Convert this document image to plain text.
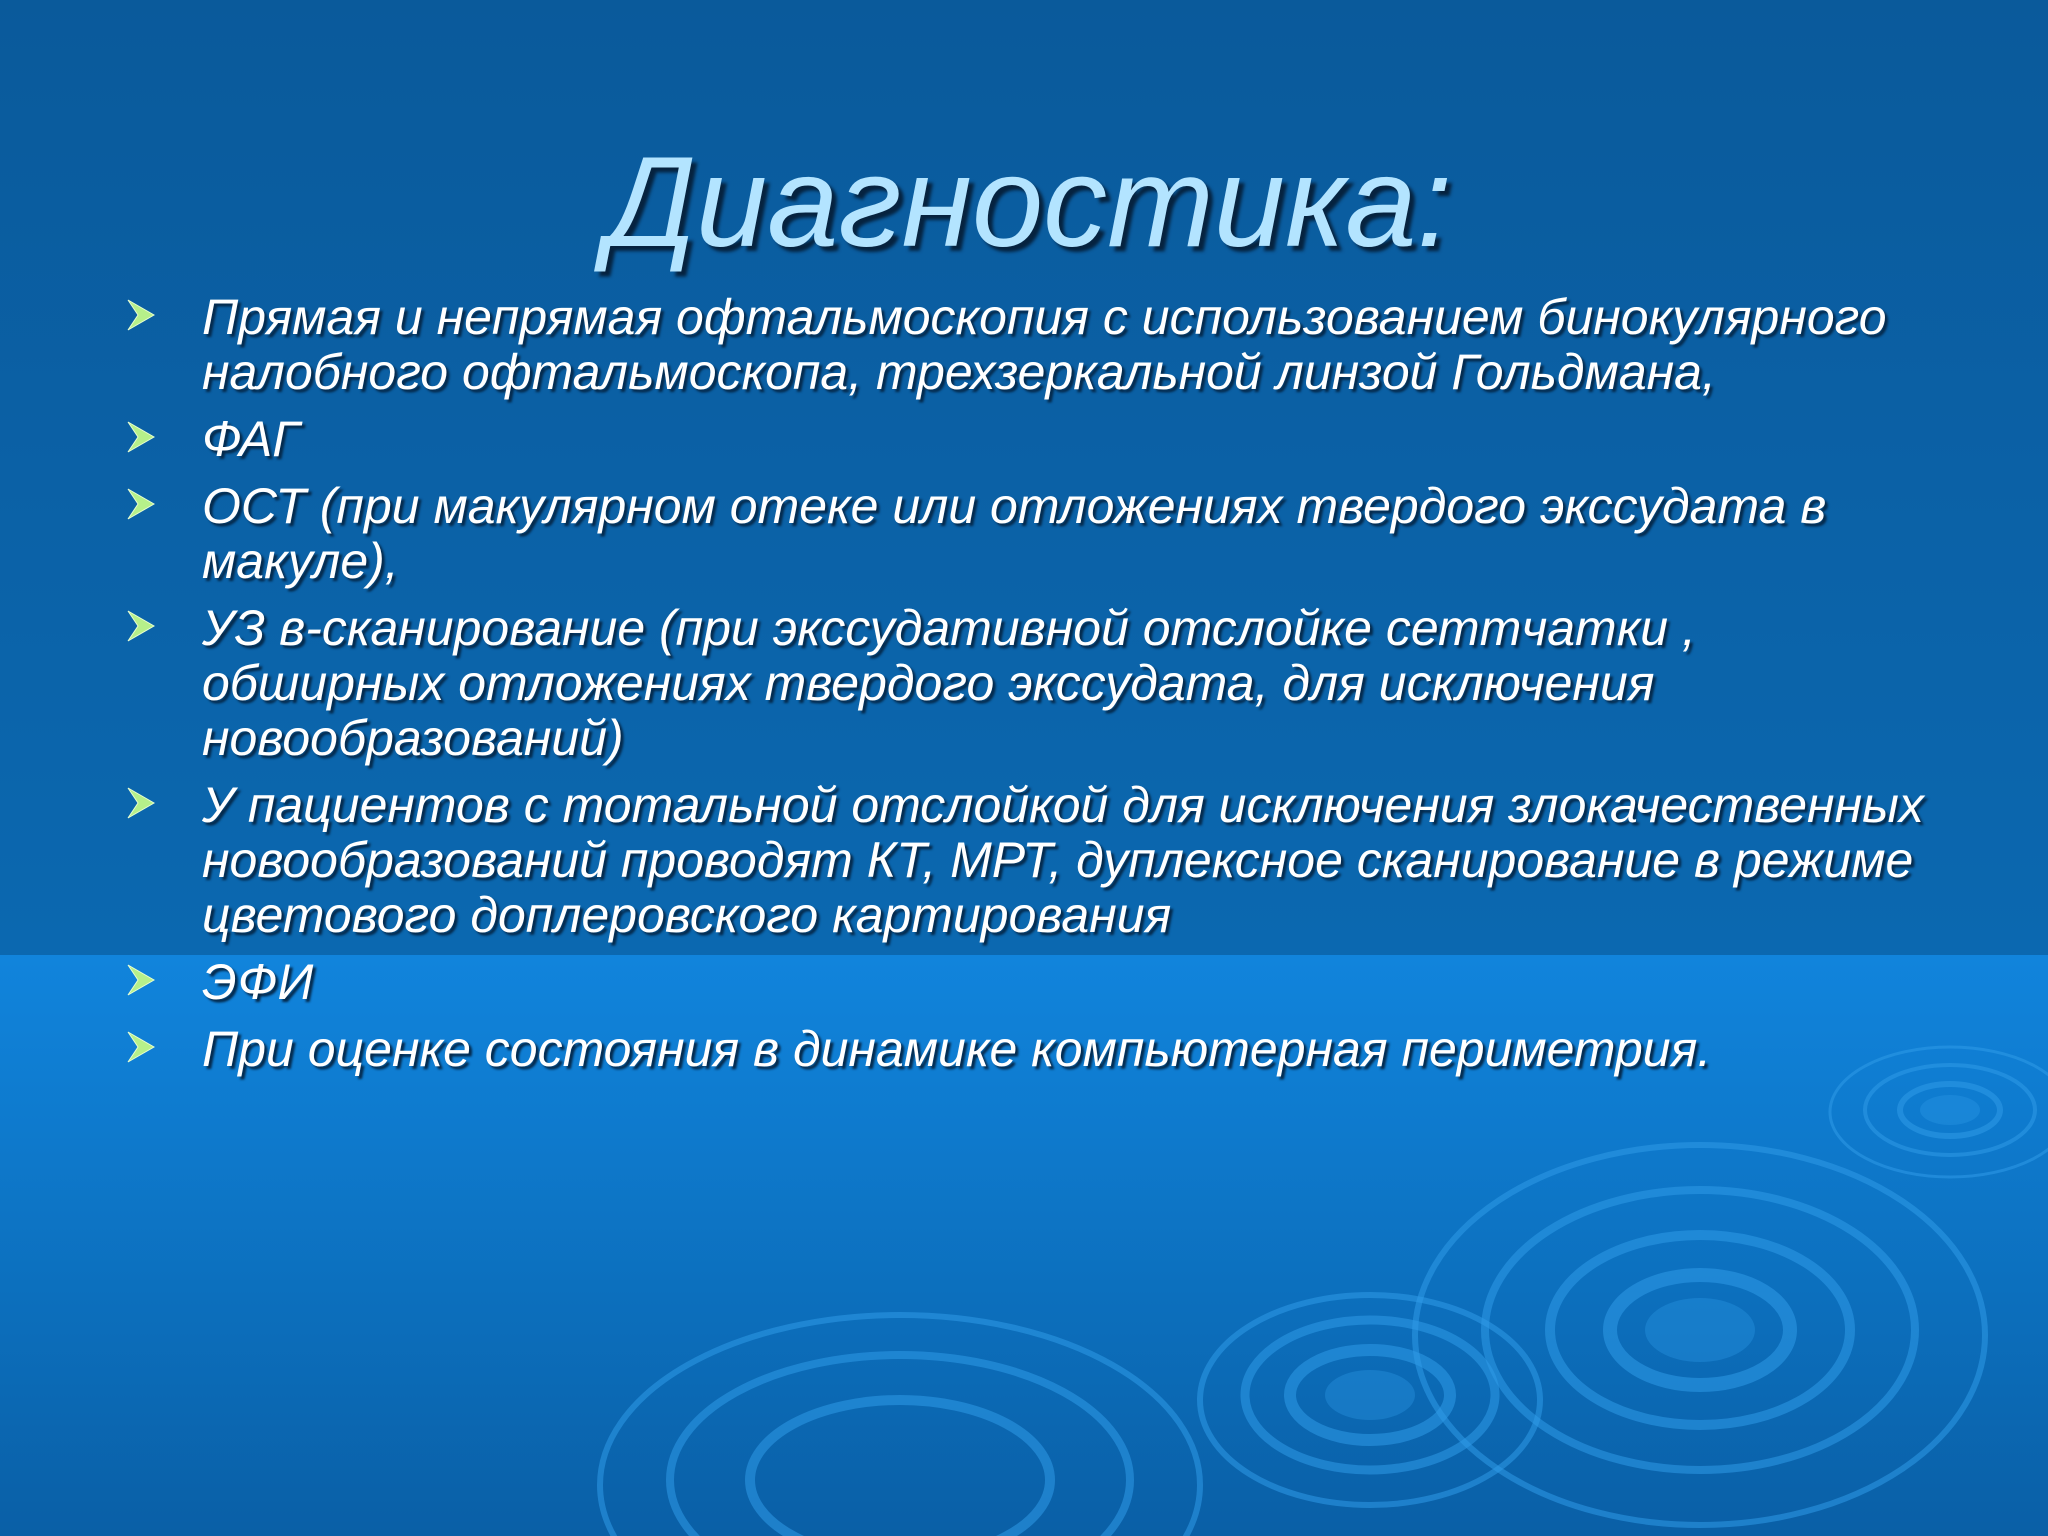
Диагностика:
Прямая и непрямая офтальмоскопия с использованием бинокулярного налобного офтальмоскопа, трехзеркальной линзой Гольдмана,
ФАГ
ОСТ (при макулярном отеке или отложениях твердого экссудата в макуле),
УЗ в-сканирование (при экссудативной отслойке сеттчатки , обширных отложениях твердого экссудата, для исключения новообразований)
У пациентов с тотальной отслойкой для исключения злокачественных новообразований проводят КТ, МРТ, дуплексное сканирование в режиме цветового доплеровского картирования
ЭФИ
При оценке состояния в динамике компьютерная периметрия.
